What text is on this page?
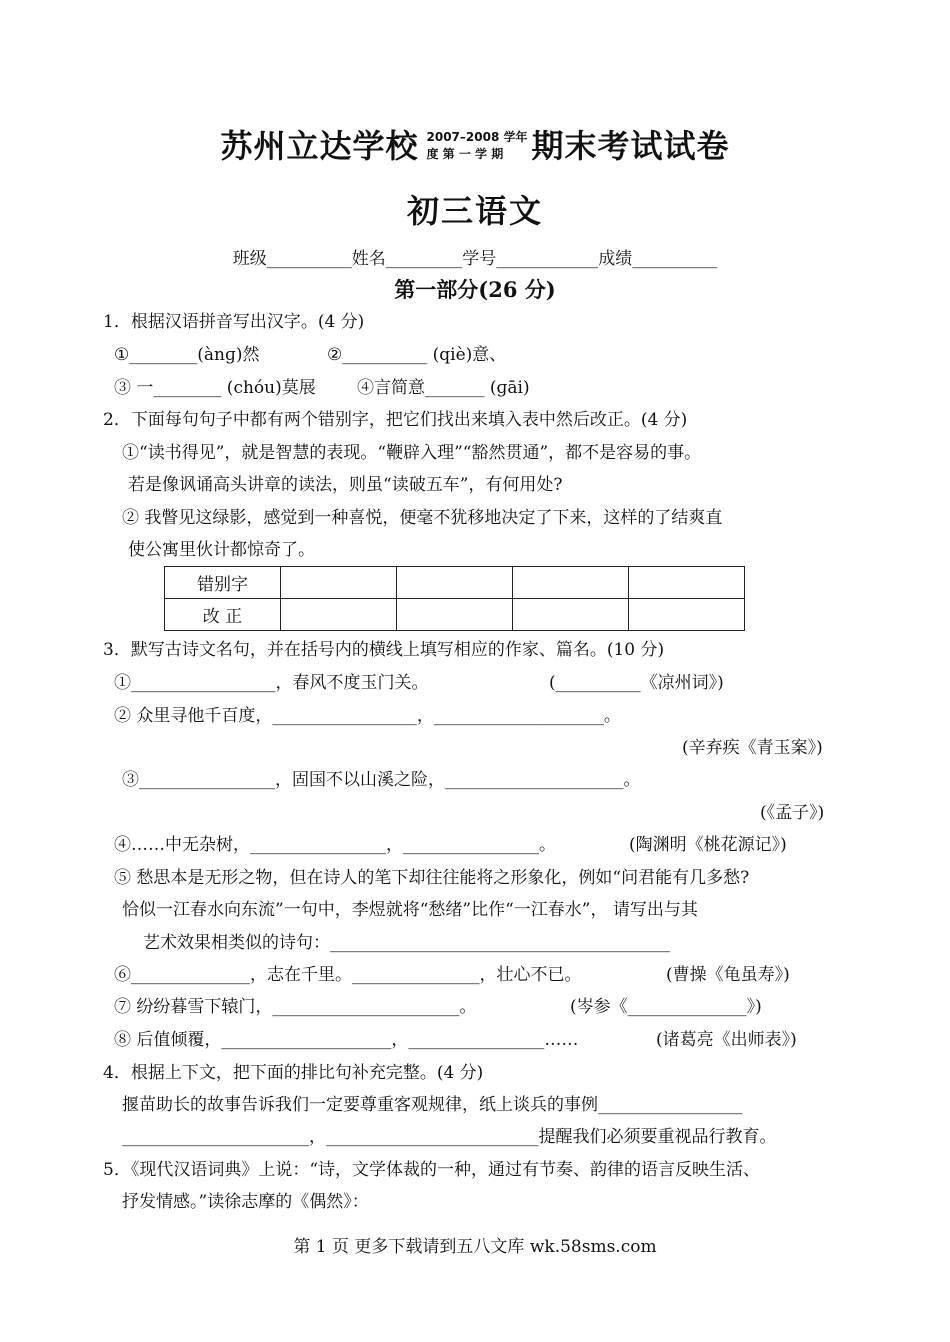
苏州立达学校 2007–2008 学年
度 第 一 学 期 期末考试试卷
初三语文
班级__________姓名_________学号____________成绩__________
第一部分(26 分)
1．根据汉语拼音写出汉字。(4 分)
①________(ànɡ)然	②__________ (qiè)意、
③ 一________ (chóu)莫展 ④言简意_______ (ɡāi)
2．下面每句句子中都有两个错别字，把它们找出来填入表中然后改正。(4 分)
①“读书得见”，就是智慧的表现。“鞭辟入理”“豁然贯通”，都不是容易的事。
若是像讽诵高头讲章的读法，则虽“读破五车”，有何用处?
② 我瞥见这绿影，感觉到一种喜悦，便毫不犹移地决定了下来，这样的了结爽直
使公寓里伙计都惊奇了。
错别字				
改 正				
3．默写古诗文名句，并在括号内的横线上填写相应的作家、篇名。(10 分)
①_________________，春风不度玉门关。	(__________《凉州词》)
② 众里寻他千百度，_________________，____________________。
(辛弃疾《青玉案》)
③________________，固国不以山溪之险，_____________________。
(《孟子》)
④……中无杂树，________________，________________。	(陶渊明《桃花源记》)
⑤ 愁思本是无形之物，但在诗人的笔下却往往能将之形象化，例如“问君能有几多愁?
恰似一江春水向东流”一句中，李煜就将“愁绪”比作“一江春水”， 请写出与其
艺术效果相类似的诗句：________________________________________
⑥______________，志在千里。_______________，壮心不已。	(曹操《龟虽寿》)
⑦ 纷纷暮雪下辕门，______________________。	(岑参《______________》)
⑧ 后值倾覆，____________________，________________……	(诸葛亮《出师表》)
4．根据上下文，把下面的排比句补充完整。(4 分)
揠苗助长的故事告诉我们一定要尊重客观规律，纸上谈兵的事例_________________
______________________，_________________________提醒我们必须要重视品行教育。
5．《现代汉语词典》上说：“诗，文学体裁的一种，通过有节奏、韵律的语言反映生活、
抒发情感。”读徐志摩的《偶然》：
第 1 页 更多下载请到五八文库 wk.58sms.com
